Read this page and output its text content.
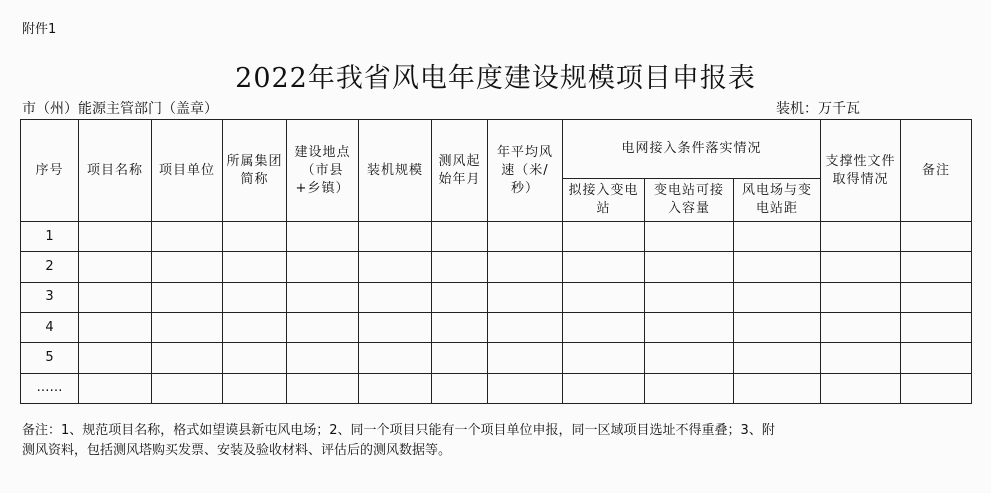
附件1
2022年我省风电年度建设规模项目申报表
市（州）能源主管部门（盖章）	装机：万千瓦
序号	项目名称	项目单位	所属集团简称	建设地点（市县+乡镇）	装机规模	测风起始年月	年平均风速（米/秒）	电网接入条件落实情况			支撑性文件取得情况	备注
								拟接入变电站	变电站可接入容量	风电场与变电站距		
1												
2												
3												
4												
5												
……												
备注：1、规范项目名称，格式如望谟县新屯风电场；2、同一个项目只能有一个项目单位申报，同一区域项目选址不得重叠；3、附
测风资料，包括测风塔购买发票、安装及验收材料、评估后的测风数据等。
